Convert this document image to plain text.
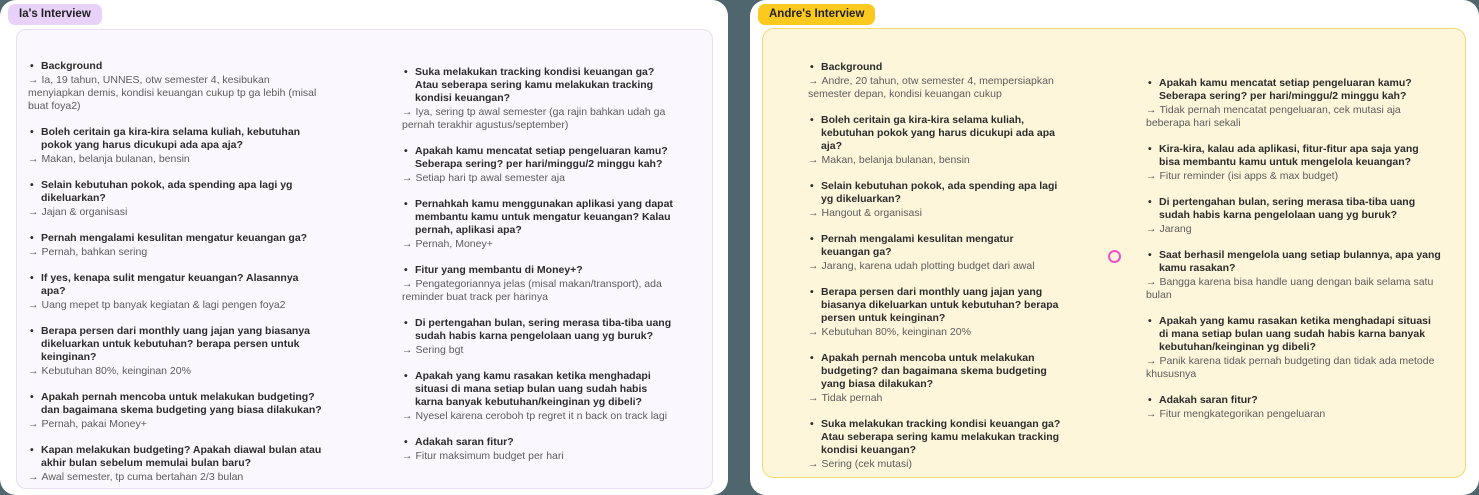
Ia's Interview
• Background
→ Ia, 19 tahun, UNNES, otw semester 4, kesibukan menyiapkan demis, kondisi keuangan cukup tp ga lebih (misal buat foya2)
• Boleh ceritain ga kira-kira selama kuliah, kebutuhan pokok yang harus dicukupi ada apa aja?
→ Makan, belanja bulanan, bensin
• Selain kebutuhan pokok, ada spending apa lagi yg dikeluarkan?
→ Jajan & organisasi
• Pernah mengalami kesulitan mengatur keuangan ga?
→ Pernah, bahkan sering
• If yes, kenapa sulit mengatur keuangan? Alasannya apa?
→ Uang mepet tp banyak kegiatan & lagi pengen foya2
• Berapa persen dari monthly uang jajan yang biasanya dikeluarkan untuk kebutuhan? berapa persen untuk keinginan?
→ Kebutuhan 80%, keinginan 20%
• Apakah pernah mencoba untuk melakukan budgeting? dan bagaimana skema budgeting yang biasa dilakukan?
→ Pernah, pakai Money+
• Kapan melakukan budgeting? Apakah diawal bulan atau akhir bulan sebelum memulai bulan baru?
→ Awal semester, tp cuma bertahan 2/3 bulan
• Suka melakukan tracking kondisi keuangan ga? Atau seberapa sering kamu melakukan tracking kondisi keuangan?
→ Iya, sering tp awal semester (ga rajin bahkan udah ga pernah terakhir agustus/september)
• Apakah kamu mencatat setiap pengeluaran kamu? Seberapa sering? per hari/minggu/2 minggu kah?
→ Setiap hari tp awal semester aja
• Pernahkah kamu menggunakan aplikasi yang dapat membantu kamu untuk mengatur keuangan? Kalau pernah, aplikasi apa?
→ Pernah, Money+
• Fitur yang membantu di Money+?
→ Pengategoriannya jelas (misal makan/transport), ada reminder buat track per harinya
• Di pertengahan bulan, sering merasa tiba-tiba uang sudah habis karna pengelolaan uang yg buruk?
→ Sering bgt
• Apakah yang kamu rasakan ketika menghadapi situasi di mana setiap bulan uang sudah habis karna banyak kebutuhan/keinginan yg dibeli?
→ Nyesel karena ceroboh tp regret it n back on track lagi
• Adakah saran fitur?
→ Fitur maksimum budget per hari
Andre's Interview
• Background
→ Andre, 20 tahun, otw semester 4, mempersiapkan semester depan, kondisi keuangan cukup
• Boleh ceritain ga kira-kira selama kuliah, kebutuhan pokok yang harus dicukupi ada apa aja?
→ Makan, belanja bulanan, bensin
• Selain kebutuhan pokok, ada spending apa lagi yg dikeluarkan?
→ Hangout & organisasi
• Pernah mengalami kesulitan mengatur keuangan ga?
→ Jarang, karena udah plotting budget dari awal
• Berapa persen dari monthly uang jajan yang biasanya dikeluarkan untuk kebutuhan? berapa persen untuk keinginan?
→ Kebutuhan 80%, keinginan 20%
• Apakah pernah mencoba untuk melakukan budgeting? dan bagaimana skema budgeting yang biasa dilakukan?
→ Tidak pernah
• Suka melakukan tracking kondisi keuangan ga? Atau seberapa sering kamu melakukan tracking kondisi keuangan?
→ Sering (cek mutasi)
• Apakah kamu mencatat setiap pengeluaran kamu? Seberapa sering? per hari/minggu/2 minggu kah?
→ Tidak pernah mencatat pengeluaran, cek mutasi aja beberapa hari sekali
• Kira-kira, kalau ada aplikasi, fitur-fitur apa saja yang bisa membantu kamu untuk mengelola keuangan?
→ Fitur reminder (isi apps & max budget)
• Di pertengahan bulan, sering merasa tiba-tiba uang sudah habis karna pengelolaan uang yg buruk?
→ Jarang
• Saat berhasil mengelola uang setiap bulannya, apa yang kamu rasakan?
→ Bangga karena bisa handle uang dengan baik selama satu bulan
• Apakah yang kamu rasakan ketika menghadapi situasi di mana setiap bulan uang sudah habis karna banyak kebutuhan/keinginan yg dibeli?
→ Panik karena tidak pernah budgeting dan tidak ada metode khususnya
• Adakah saran fitur?
→ Fitur mengkategorikan pengeluaran
